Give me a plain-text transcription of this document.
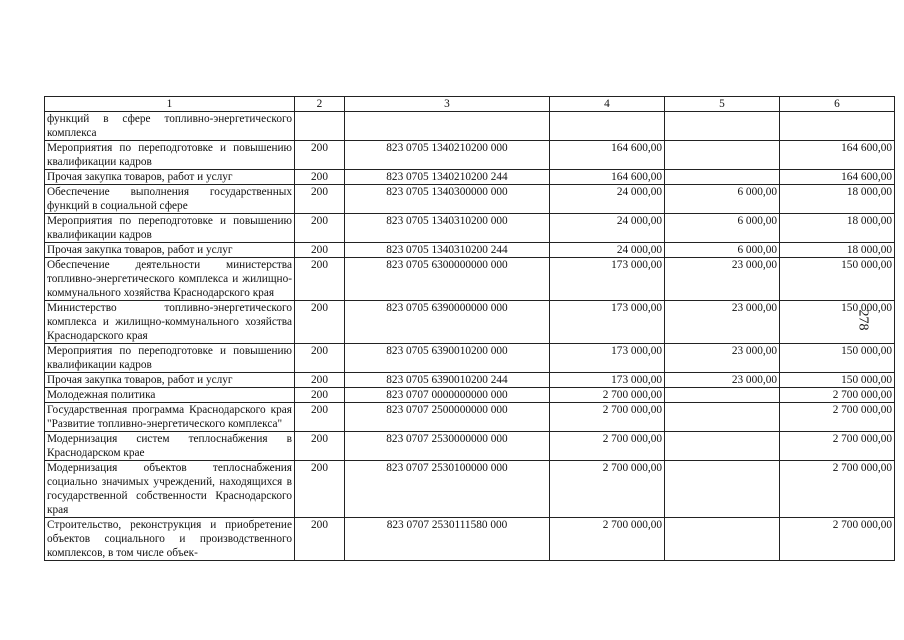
1	2	3	4	5	6
функций в сфере топливно-энергетического комплекса					
Мероприятия по переподготовке и повышению квалификации кадров	200	823 0705 1340210200 000	164 600,00		164 600,00
Прочая закупка товаров, работ и услуг	200	823 0705 1340210200 244	164 600,00		164 600,00
Обеспечение выполнения государственных функций в социальной сфере	200	823 0705 1340300000 000	24 000,00	6 000,00	18 000,00
Мероприятия по переподготовке и повышению квалификации кадров	200	823 0705 1340310200 000	24 000,00	6 000,00	18 000,00
Прочая закупка товаров, работ и услуг	200	823 0705 1340310200 244	24 000,00	6 000,00	18 000,00
Обеспечение деятельности министерства топливно-энергетического комплекса и жилищно-коммунального хозяйства Краснодарского края	200	823 0705 6300000000 000	173 000,00	23 000,00	150 000,00
Министерство топливно-энергетического комплекса и жилищно-коммунального хозяйства Краснодарского края	200	823 0705 6390000000 000	173 000,00	23 000,00	150 000,00
Мероприятия по переподготовке и повышению квалификации кадров	200	823 0705 6390010200 000	173 000,00	23 000,00	150 000,00
Прочая закупка товаров, работ и услуг	200	823 0705 6390010200 244	173 000,00	23 000,00	150 000,00
Молодежная политика	200	823 0707 0000000000 000	2 700 000,00		2 700 000,00
Государственная программа Краснодарского края "Развитие топливно-энергетического комплекса"	200	823 0707 2500000000 000	2 700 000,00		2 700 000,00
Модернизация систем теплоснабжения в Краснодарском крае	200	823 0707 2530000000 000	2 700 000,00		2 700 000,00
Модернизация объектов теплоснабжения социально значимых учреждений, находящихся в государственной собственности Краснодарского края	200	823 0707 2530100000 000	2 700 000,00		2 700 000,00
Строительство, реконструкция и приобретение объектов социального и производственного комплексов, в том числе объек-	200	823 0707 2530111580 000	2 700 000,00		2 700 000,00
278
